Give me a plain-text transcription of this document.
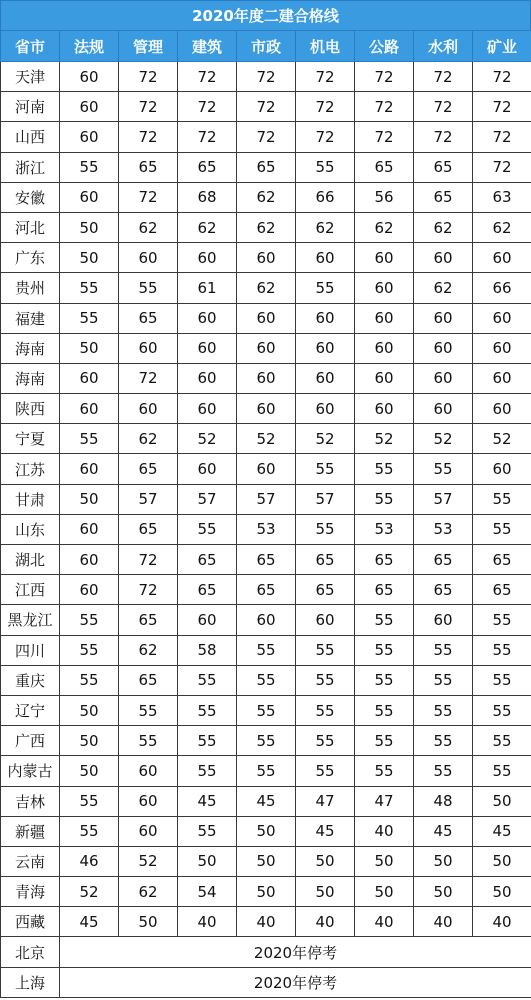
2020年度二建合格线
省市	法规	管理	建筑	市政	机电	公路	水利	矿业
天津	60	72	72	72	72	72	72	72
河南	60	72	72	72	72	72	72	72
山西	60	72	72	72	72	72	72	72
浙江	55	65	65	65	55	65	65	72
安徽	60	72	68	62	66	56	65	63
河北	50	62	62	62	62	62	62	62
广东	50	60	60	60	60	60	60	60
贵州	55	55	61	62	55	60	62	66
福建	55	65	60	60	60	60	60	60
海南	50	60	60	60	60	60	60	60
海南	60	72	60	60	60	60	60	60
陕西	60	60	60	60	60	60	60	60
宁夏	55	62	52	52	52	52	52	52
江苏	60	65	60	60	55	55	55	60
甘肃	50	57	57	57	57	55	57	55
山东	60	65	55	53	55	53	53	55
湖北	60	72	65	65	65	65	65	65
江西	60	72	65	65	65	65	65	65
黑龙江	55	65	60	60	60	55	60	55
四川	55	62	58	55	55	55	55	55
重庆	55	65	55	55	55	55	55	55
辽宁	50	55	55	55	55	55	55	55
广西	50	55	55	55	55	55	55	55
内蒙古	50	60	55	55	55	55	55	55
吉林	55	60	45	45	47	47	48	50
新疆	55	60	55	50	45	40	45	45
云南	46	52	50	50	50	50	50	50
青海	52	62	54	50	50	50	50	50
西藏	45	50	40	40	40	40	40	40
北京	2020年停考							
上海	2020年停考							
